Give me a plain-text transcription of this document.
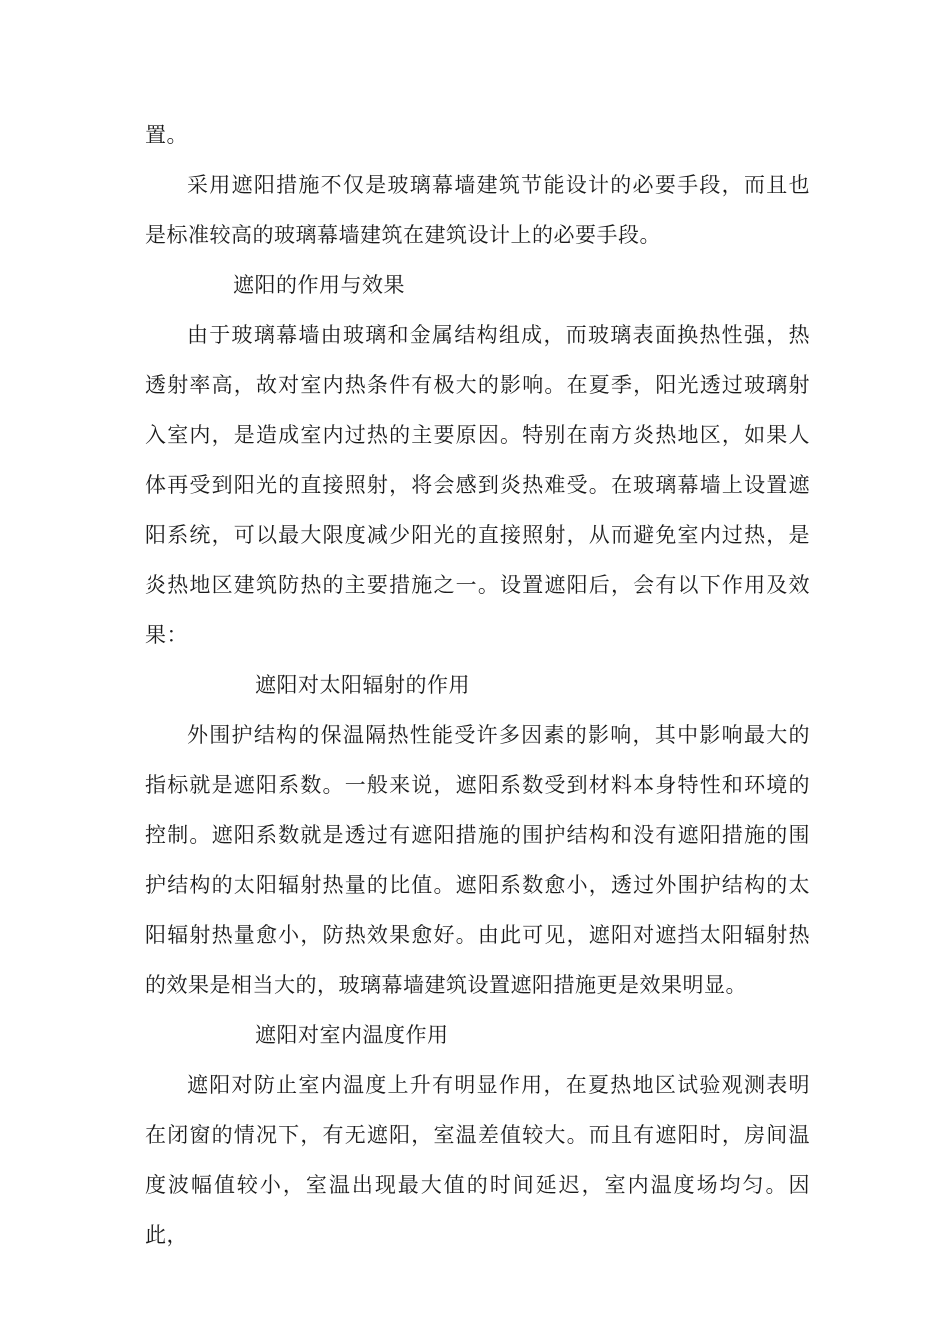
置。

采用遮阳措施不仅是玻璃幕墙建筑节能设计的必要手段，而且也是标准较高的玻璃幕墙建筑在建筑设计上的必要手段。

遮阳的作用与效果

由于玻璃幕墙由玻璃和金属结构组成，而玻璃表面换热性强，热透射率高，故对室内热条件有极大的影响。在夏季，阳光透过玻璃射入室内，是造成室内过热的主要原因。特别在南方炎热地区，如果人体再受到阳光的直接照射，将会感到炎热难受。在玻璃幕墙上设置遮阳系统，可以最大限度减少阳光的直接照射，从而避免室内过热，是炎热地区建筑防热的主要措施之一。设置遮阳后，会有以下作用及效果：

遮阳对太阳辐射的作用

外围护结构的保温隔热性能受许多因素的影响，其中影响最大的指标就是遮阳系数。一般来说，遮阳系数受到材料本身特性和环境的控制。遮阳系数就是透过有遮阳措施的围护结构和没有遮阳措施的围护结构的太阳辐射热量的比值。遮阳系数愈小，透过外围护结构的太阳辐射热量愈小，防热效果愈好。由此可见，遮阳对遮挡太阳辐射热的效果是相当大的，玻璃幕墙建筑设置遮阳措施更是效果明显。

遮阳对室内温度作用

遮阳对防止室内温度上升有明显作用，在夏热地区试验观测表明在闭窗的情况下，有无遮阳，室温差值较大。而且有遮阳时，房间温度波幅值较小，室温出现最大值的时间延迟，室内温度场均匀。因此，
